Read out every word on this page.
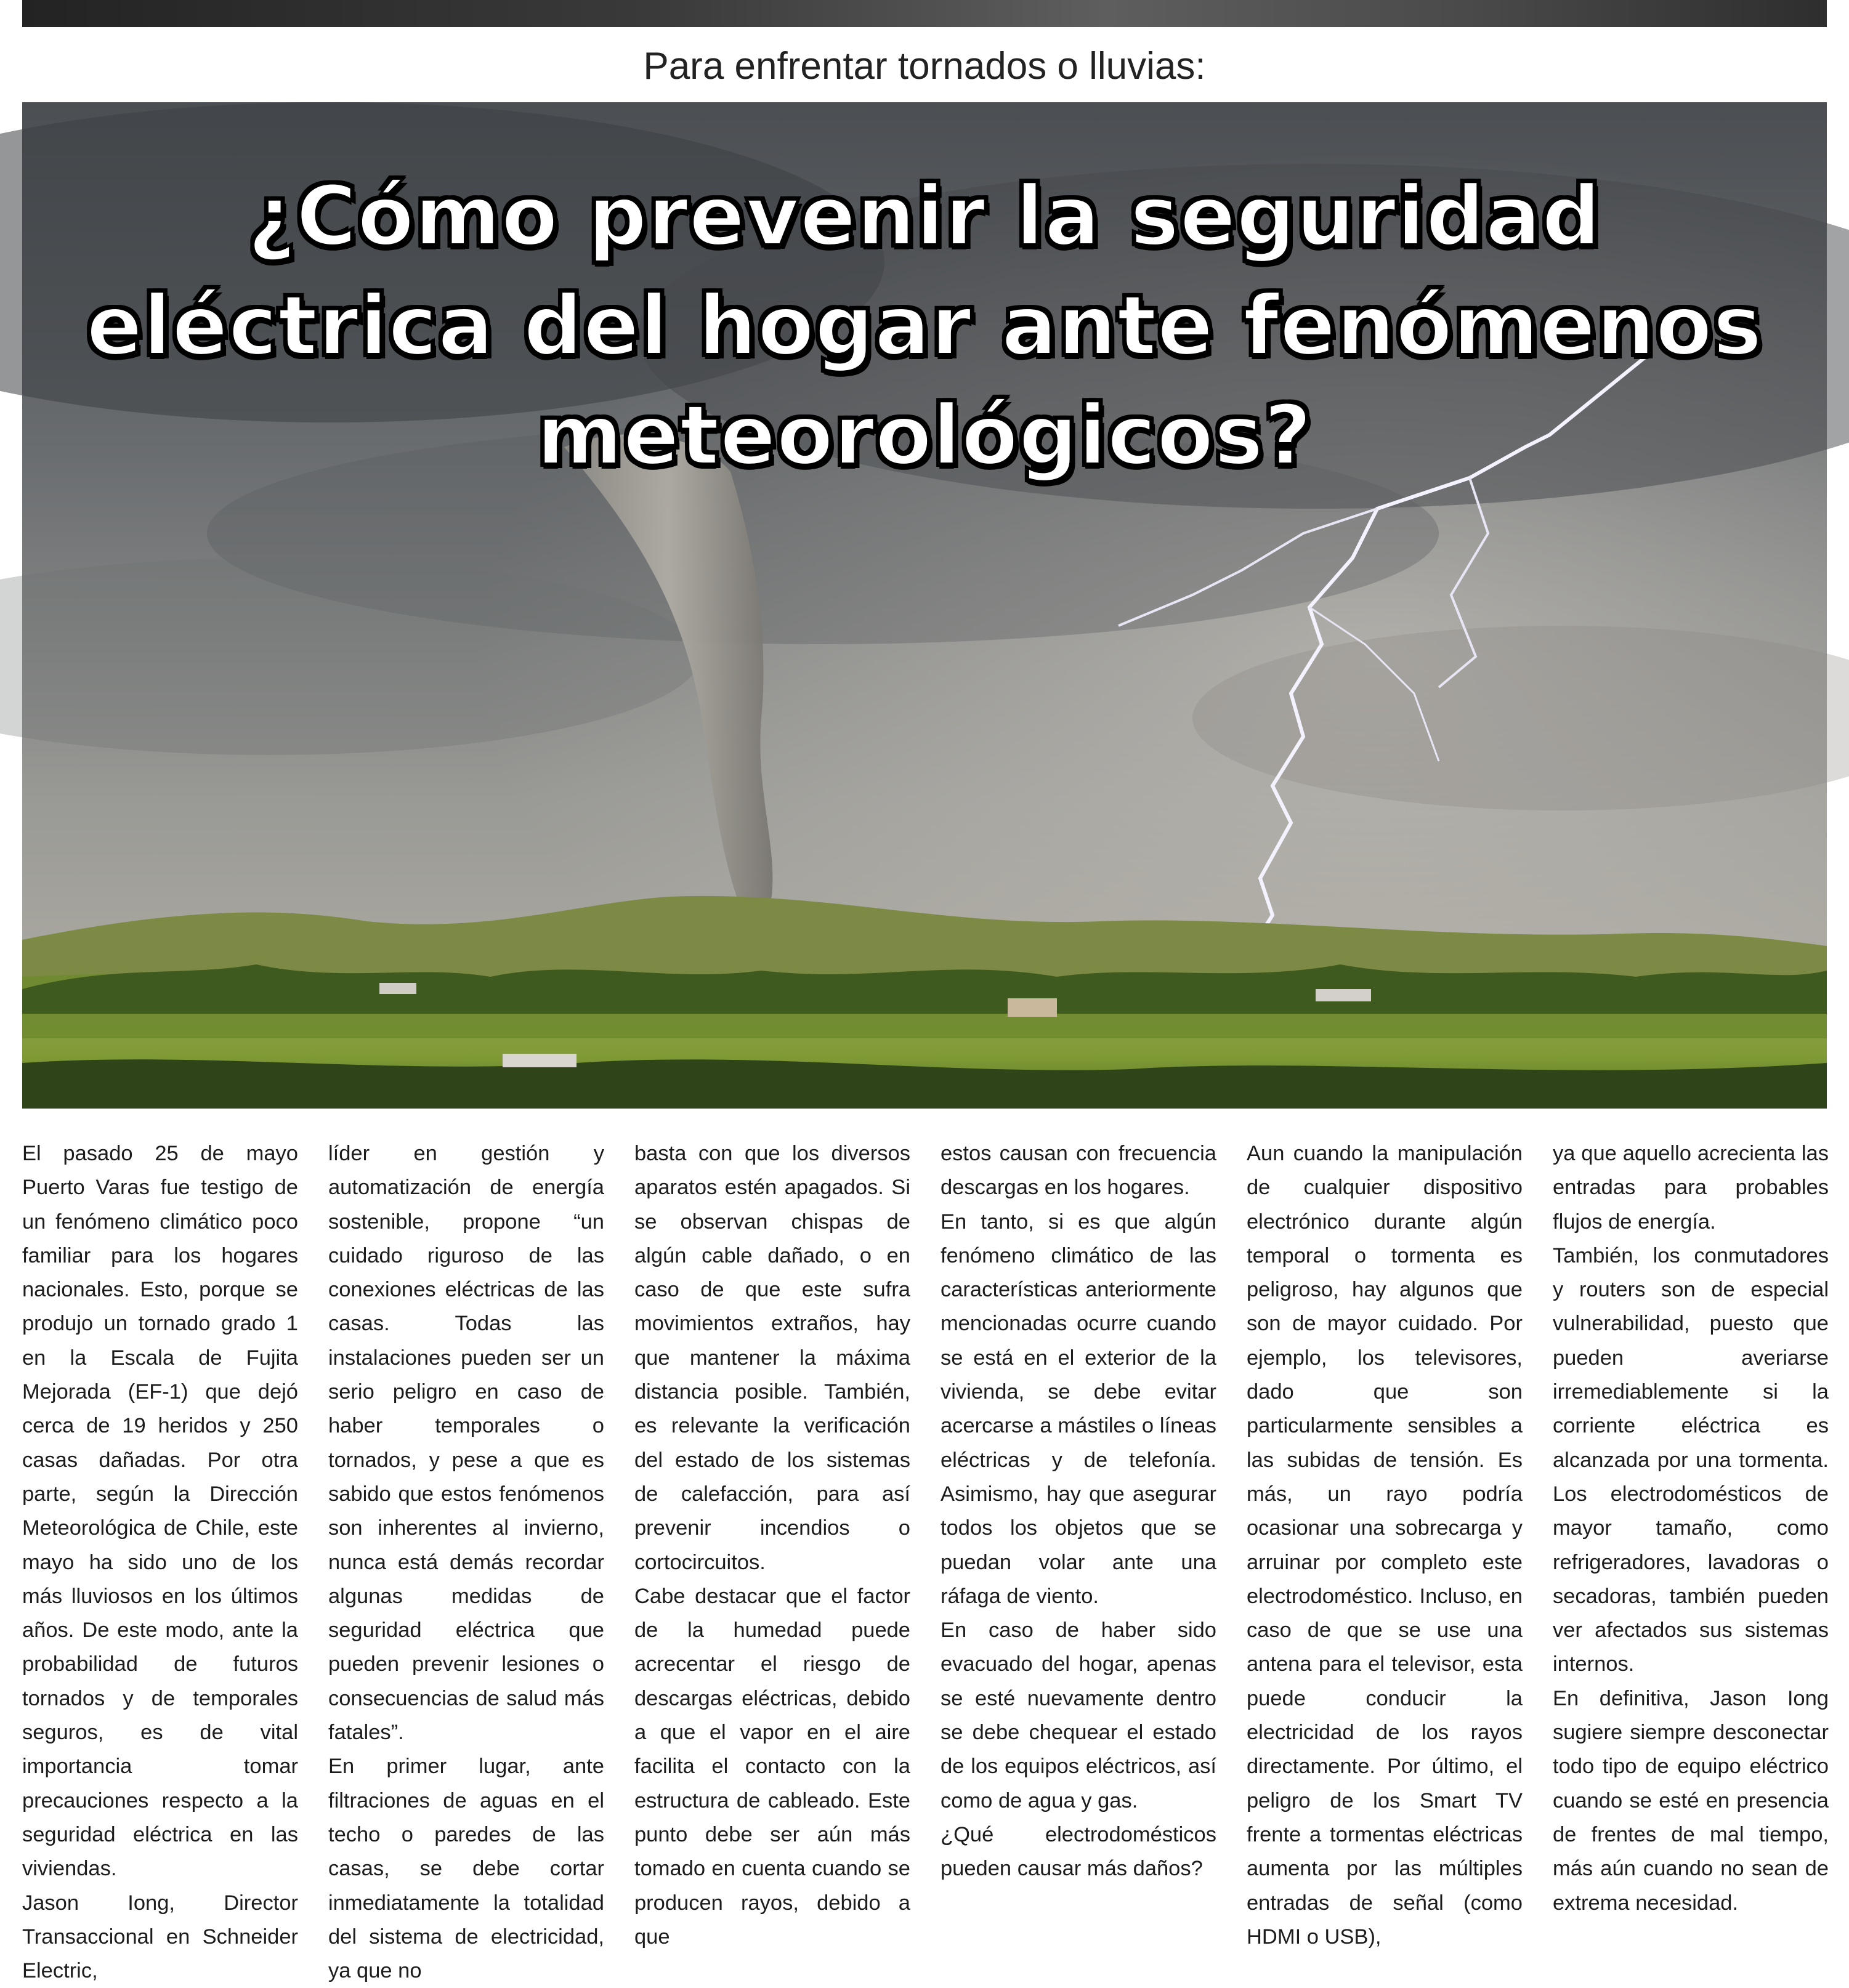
Para enfrentar tornados o lluvias:
¿Cómo prevenir la seguridad
eléctrica del hogar ante fenómenos
meteorológicos?

El pasado 25 de mayo Puerto Varas fue testigo de un fenómeno climático poco familiar para los hogares nacionales. Esto, porque se produjo un tornado grado 1 en la Escala de Fujita Mejorada (EF-1) que dejó cerca de 19 heridos y 250 casas dañadas. Por otra parte, según la Dirección Meteorológica de Chile, este mayo ha sido uno de los más lluviosos en los últimos años. De este modo, ante la probabilidad de futuros tornados y de temporales seguros, es de vital importancia tomar precauciones respecto a la seguridad eléctrica en las viviendas.

Jason Iong, Director Transaccional en Schneider Electric,

líder en gestión y automatización de energía sostenible, propone “un cuidado riguroso de las conexiones eléctricas de las casas. Todas las instalaciones pueden ser un serio peligro en caso de haber temporales o tornados, y pese a que es sabido que estos fenómenos son inherentes al invierno, nunca está demás recordar algunas medidas de seguridad eléctrica que pueden prevenir lesiones o consecuencias de salud más fatales”.

En primer lugar, ante filtraciones de aguas en el techo o paredes de las casas, se debe cortar inmediatamente la totalidad del sistema de electricidad, ya que no

basta con que los diversos aparatos estén apagados. Si se observan chispas de algún cable dañado, o en caso de que este sufra movimientos extraños, hay que mantener la máxima distancia posible. También, es relevante la verificación del estado de los sistemas de calefacción, para así prevenir incendios o cortocircuitos.

Cabe destacar que el factor de la humedad puede acrecentar el riesgo de descargas eléctricas, debido a que el vapor en el aire facilita el contacto con la estructura de cableado. Este punto debe ser aún más tomado en cuenta cuando se producen rayos, debido a que

estos causan con frecuencia descargas en los hogares.

En tanto, si es que algún fenómeno climático de las características anteriormente mencionadas ocurre cuando se está en el exterior de la vivienda, se debe evitar acercarse a mástiles o líneas eléctricas y de telefonía. Asimismo, hay que asegurar todos los objetos que se puedan volar ante una ráfaga de viento.

En caso de haber sido evacuado del hogar, apenas se esté nuevamente dentro se debe chequear el estado de los equipos eléctricos, así como de agua y gas.

¿Qué electrodomésticos pueden causar más daños?

Aun cuando la manipulación de cualquier dispositivo electrónico durante algún temporal o tormenta es peligroso, hay algunos que son de mayor cuidado. Por ejemplo, los televisores, dado que son particularmente sensibles a las subidas de tensión. Es más, un rayo podría ocasionar una sobrecarga y arruinar por completo este electrodoméstico. Incluso, en caso de que se use una antena para el televisor, esta puede conducir la electricidad de los rayos directamente. Por último, el peligro de los Smart TV frente a tormentas eléctricas aumenta por las múltiples entradas de señal (como HDMI o USB),

ya que aquello acrecienta las entradas para probables flujos de energía.

También, los conmutadores y routers son de especial vulnerabilidad, puesto que pueden averiarse irremediablemente si la corriente eléctrica es alcanzada por una tormenta. Los electrodomésticos de mayor tamaño, como refrigeradores, lavadoras o secadoras, también pueden ver afectados sus sistemas internos.

En definitiva, Jason Iong sugiere siempre desconectar todo tipo de equipo eléctrico cuando se esté en presencia de frentes de mal tiempo, más aún cuando no sean de extrema necesidad.
